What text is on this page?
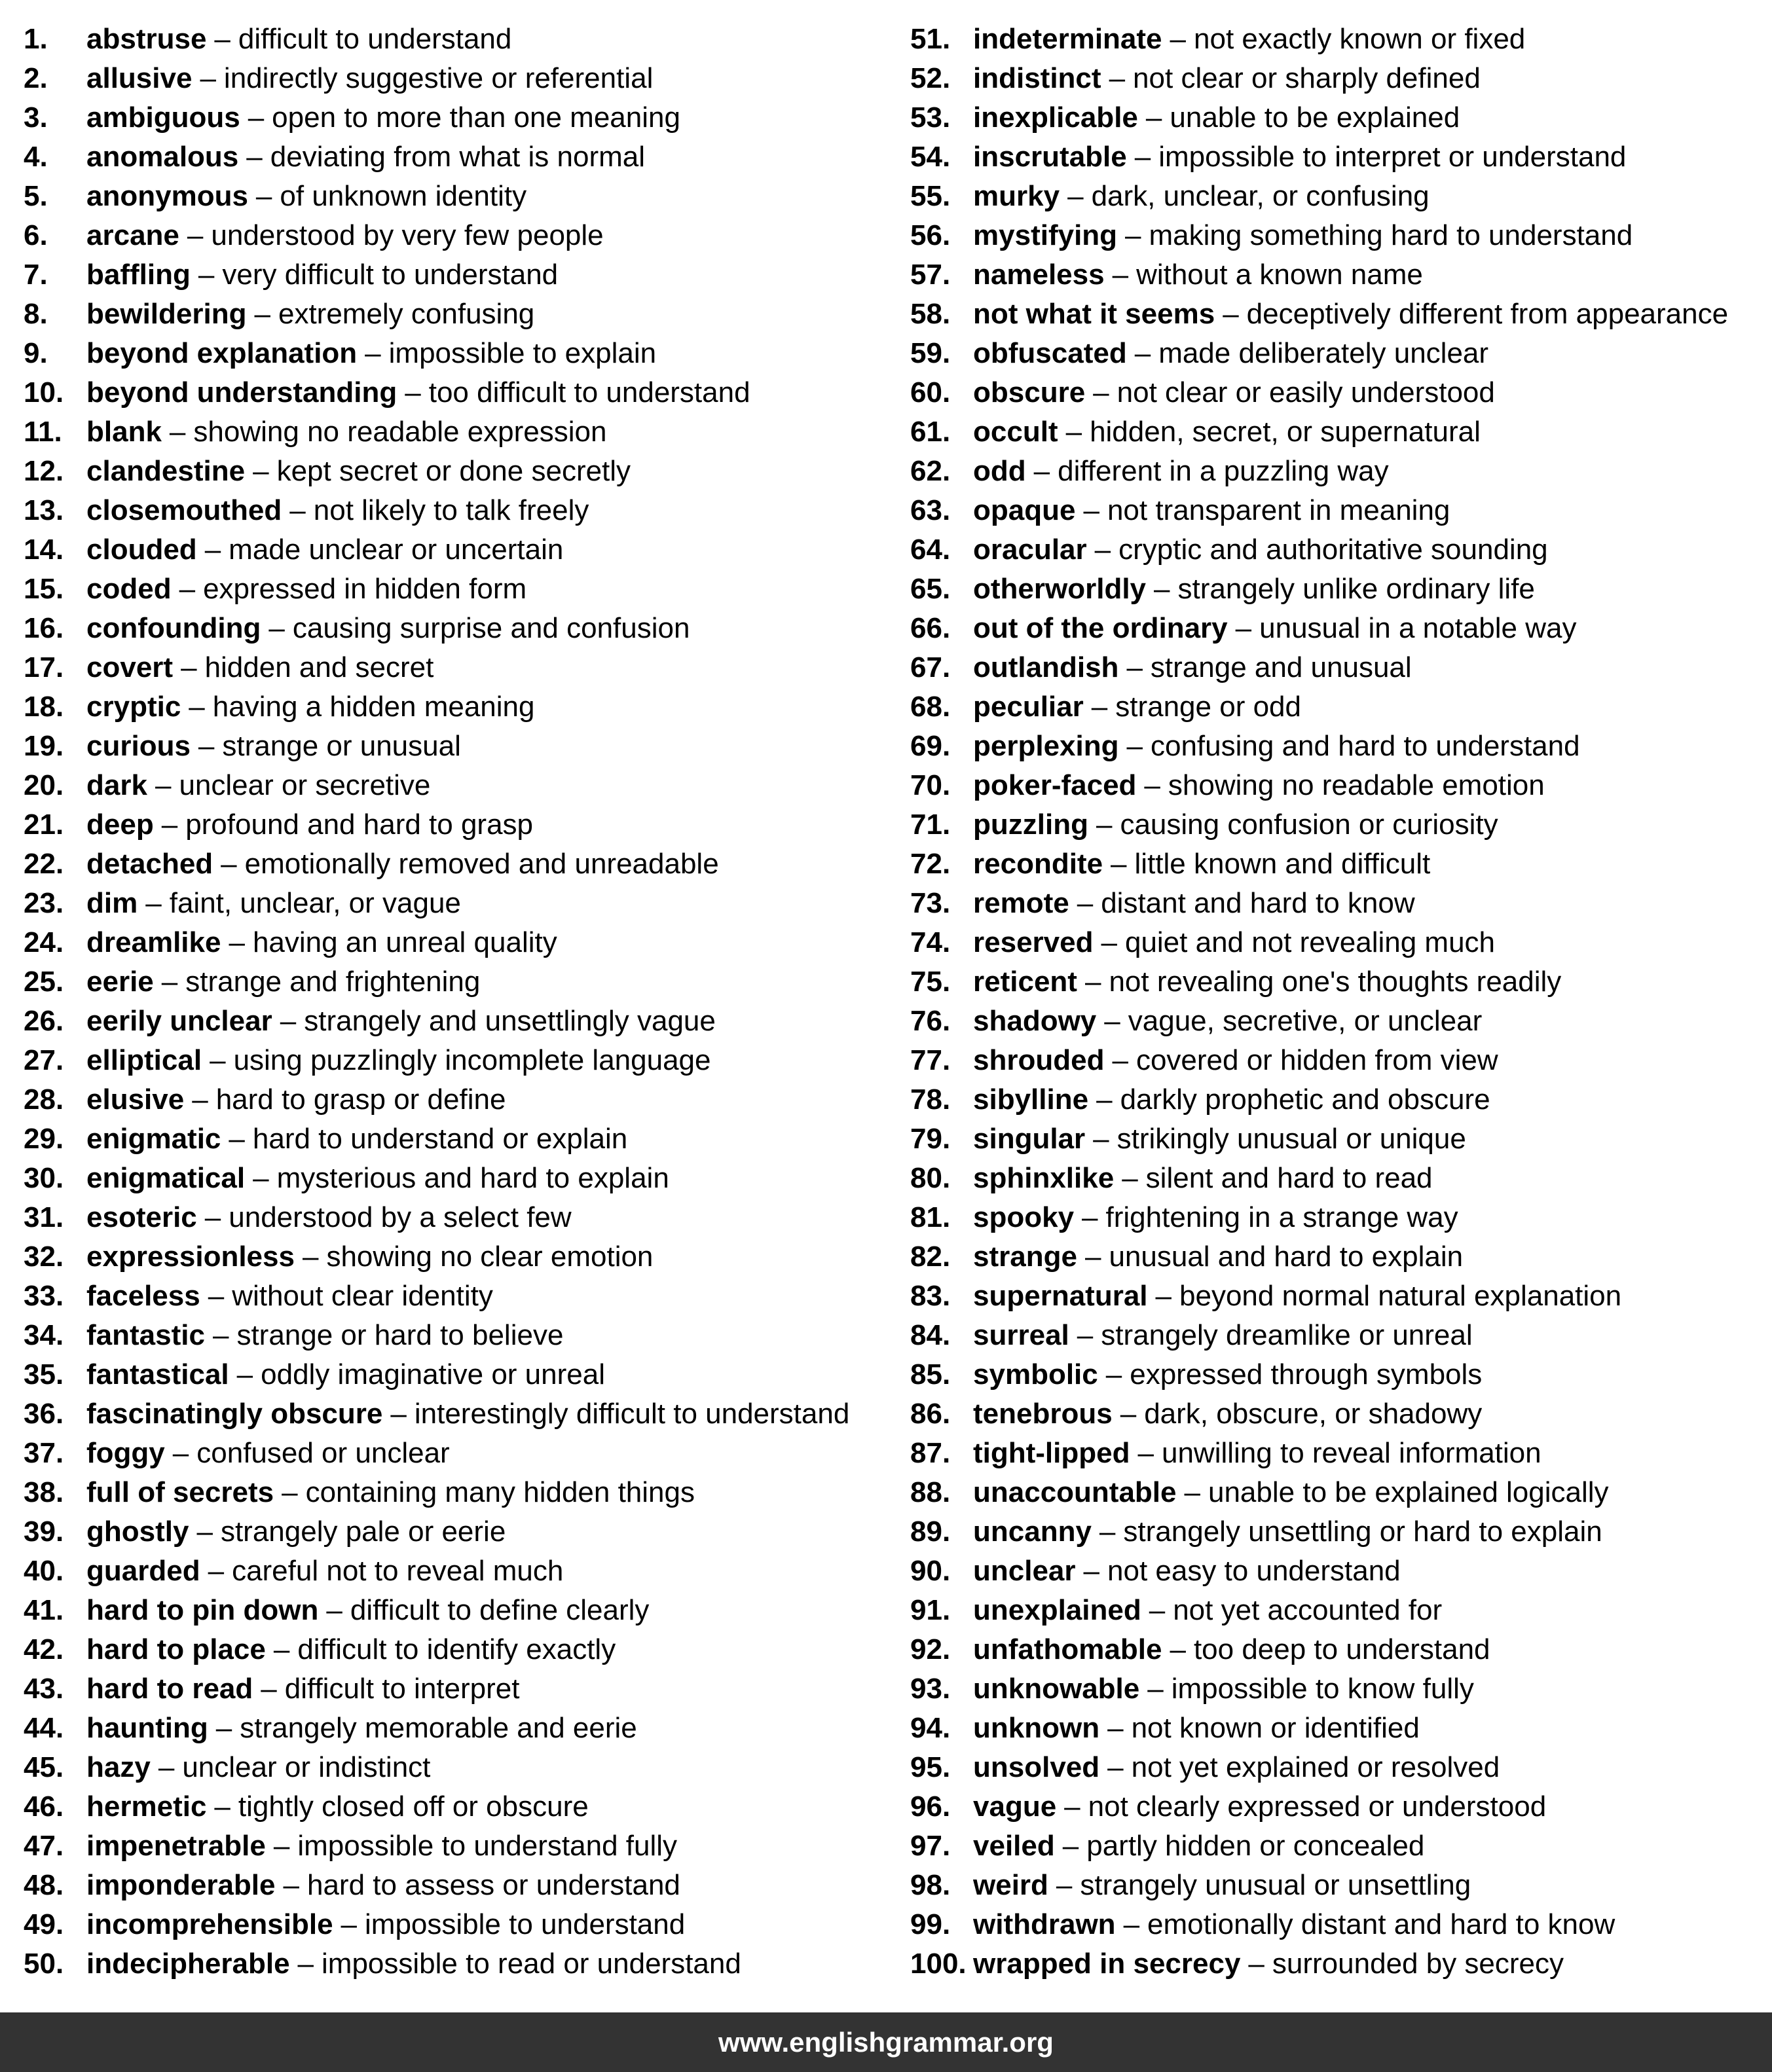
1.	abstruse – difficult to understand
2.	allusive – indirectly suggestive or referential
3.	ambiguous – open to more than one meaning
4.	anomalous – deviating from what is normal
5.	anonymous – of unknown identity
6.	arcane – understood by very few people
7.	baffling – very difficult to understand
8.	bewildering – extremely confusing
9.	beyond explanation – impossible to explain
10. beyond understanding – too difficult to understand
11. blank – showing no readable expression
12. clandestine – kept secret or done secretly
13. closemouthed – not likely to talk freely
14. clouded – made unclear or uncertain
15. coded – expressed in hidden form
16. confounding – causing surprise and confusion
17. covert – hidden and secret
18. cryptic – having a hidden meaning
19. curious – strange or unusual
20. dark – unclear or secretive
21. deep – profound and hard to grasp
22. detached – emotionally removed and unreadable
23. dim – faint, unclear, or vague
24. dreamlike – having an unreal quality
25. eerie – strange and frightening
26. eerily unclear – strangely and unsettlingly vague
27. elliptical – using puzzlingly incomplete language
28. elusive – hard to grasp or define
29. enigmatic – hard to understand or explain
30. enigmatical – mysterious and hard to explain
31. esoteric – understood by a select few
32. expressionless – showing no clear emotion
33. faceless – without clear identity
34. fantastic – strange or hard to believe
35. fantastical – oddly imaginative or unreal
36. fascinatingly obscure – interestingly difficult to understand
37. foggy – confused or unclear
38. full of secrets – containing many hidden things
39. ghostly – strangely pale or eerie
40. guarded – careful not to reveal much
41. hard to pin down – difficult to define clearly
42. hard to place – difficult to identify exactly
43. hard to read – difficult to interpret
44. haunting – strangely memorable and eerie
45. hazy – unclear or indistinct
46. hermetic – tightly closed off or obscure
47. impenetrable – impossible to understand fully
48. imponderable – hard to assess or understand
49. incomprehensible – impossible to understand
50. indecipherable – impossible to read or understand
51. indeterminate – not exactly known or fixed
52. indistinct – not clear or sharply defined
53. inexplicable – unable to be explained
54. inscrutable – impossible to interpret or understand
55. murky – dark, unclear, or confusing
56. mystifying – making something hard to understand
57. nameless – without a known name
58. not what it seems – deceptively different from appearance
59. obfuscated – made deliberately unclear
60. obscure – not clear or easily understood
61. occult – hidden, secret, or supernatural
62. odd – different in a puzzling way
63. opaque – not transparent in meaning
64. oracular – cryptic and authoritative sounding
65. otherworldly – strangely unlike ordinary life
66. out of the ordinary – unusual in a notable way
67. outlandish – strange and unusual
68. peculiar – strange or odd
69. perplexing – confusing and hard to understand
70. poker-faced – showing no readable emotion
71. puzzling – causing confusion or curiosity
72. recondite – little known and difficult
73. remote – distant and hard to know
74. reserved – quiet and not revealing much
75. reticent – not revealing one's thoughts readily
76. shadowy – vague, secretive, or unclear
77. shrouded – covered or hidden from view
78. sibylline – darkly prophetic and obscure
79. singular – strikingly unusual or unique
80. sphinxlike – silent and hard to read
81. spooky – frightening in a strange way
82. strange – unusual and hard to explain
83. supernatural – beyond normal natural explanation
84. surreal – strangely dreamlike or unreal
85. symbolic – expressed through symbols
86. tenebrous – dark, obscure, or shadowy
87. tight-lipped – unwilling to reveal information
88. unaccountable – unable to be explained logically
89. uncanny – strangely unsettling or hard to explain
90. unclear – not easy to understand
91. unexplained – not yet accounted for
92. unfathomable – too deep to understand
93. unknowable – impossible to know fully
94. unknown – not known or identified
95. unsolved – not yet explained or resolved
96. vague – not clearly expressed or understood
97. veiled – partly hidden or concealed
98. weird – strangely unusual or unsettling
99. withdrawn – emotionally distant and hard to know
100. wrapped in secrecy – surrounded by secrecy
www.englishgrammar.org
